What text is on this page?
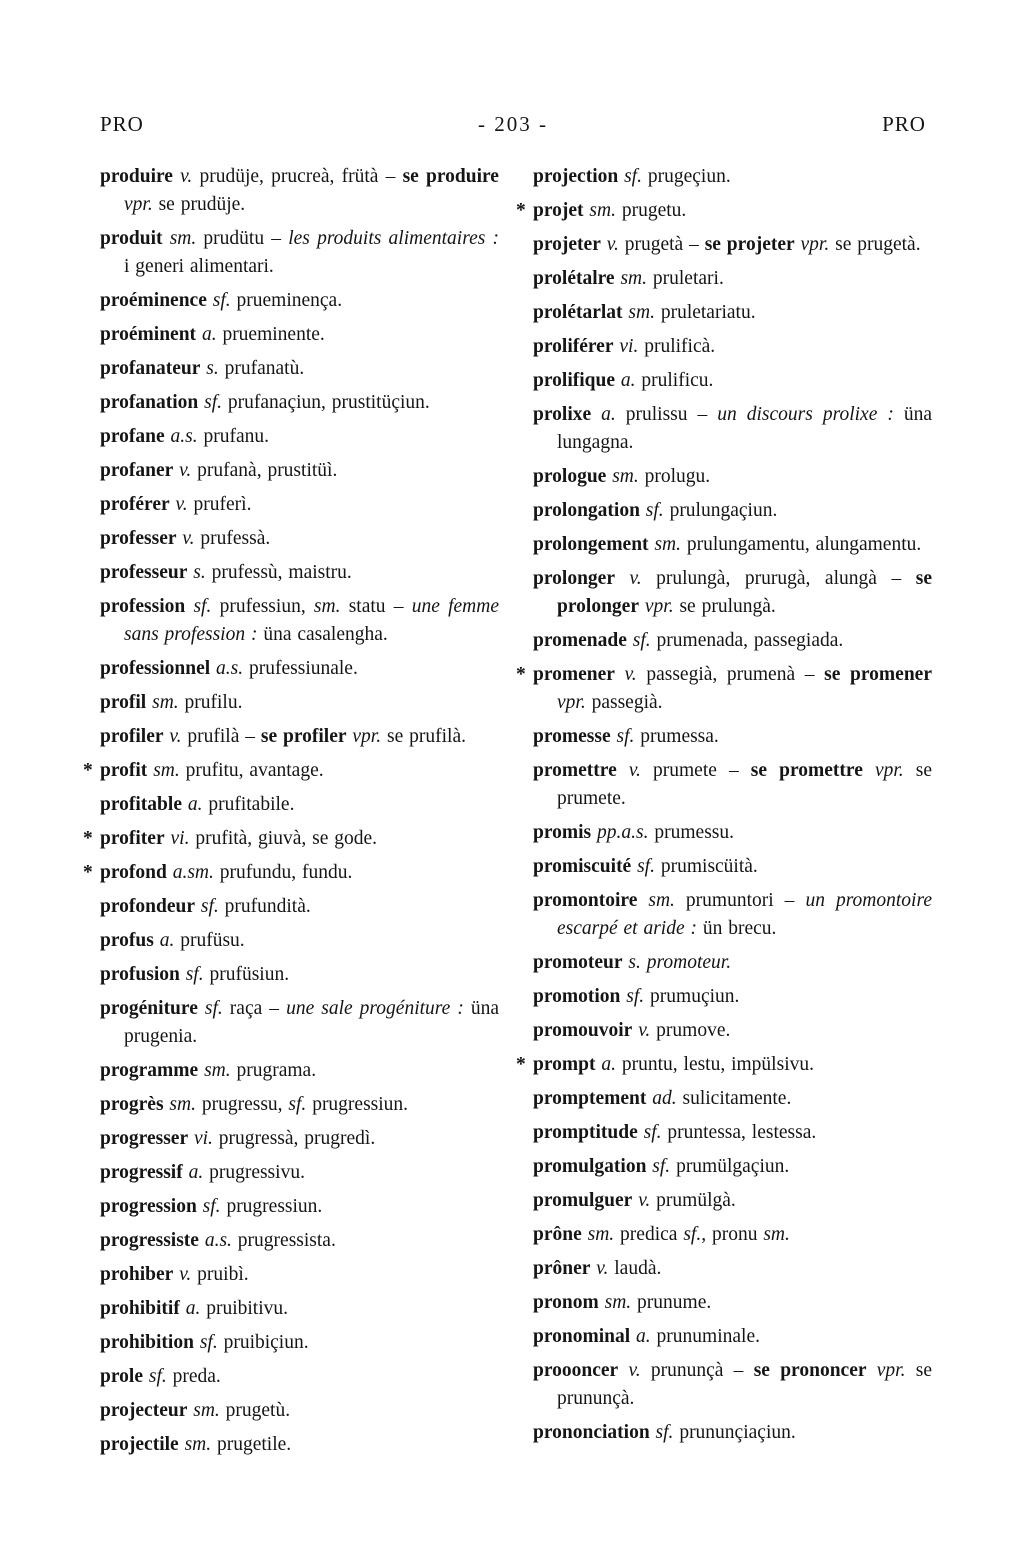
PRO	- 203 -	PRO
produire v. prudüje, prucreà, frütà – se produire vpr. se prudüje.
produit sm. prudütu – les produits alimentaires : i generi alimentari.
proéminence sf. prueminença.
proéminent a. prueminente.
profanateur s. prufanatù.
profanation sf. prufanaçiun, prustitüçiun.
profane a.s. prufanu.
profaner v. prufanà, prustitüì.
proférer v. pruferì.
professer v. prufessà.
professeur s. prufessù, maistru.
profession sf. prufessiun, sm. statu – une femme sans profession : üna casalengha.
professionnel a.s. prufessiunale.
profil sm. prufilu.
profiler v. prufilà – se profiler vpr. se prufilà.
* profit sm. prufitu, avantage.
profitable a. prufitabile.
* profiter vi. prufità, giuvà, se gode.
* profond a.sm. prufundu, fundu.
profondeur sf. prufundità.
profus a. prufüsu.
profusion sf. prufüsiun.
progéniture sf. raça – une sale progéniture : üna prugenia.
programme sm. prugrama.
progrès sm. prugressu, sf. prugressiun.
progresser vi. prugressà, prugredì.
progressif a. prugressivu.
progression sf. prugressiun.
progressiste a.s. prugressista.
prohiber v. pruibì.
prohibitif a. pruibitivu.
prohibition sf. pruibiçiun.
prole sf. preda.
projecteur sm. prugetù.
projectile sm. prugetile.
projection sf. prugeçiun.
* projet sm. prugetu.
projeter v. prugetà – se projeter vpr. se prugetà.
prolétalre sm. pruletari.
prolétarlat sm. pruletariatu.
proliférer vi. prulificà.
prolifique a. prulificu.
prolixe a. prulissu – un discours prolixe : üna lungagna.
prologue sm. prolugu.
prolongation sf. prulungaçiun.
prolongement sm. prulungamentu, alungamentu.
prolonger v. prulungà, prurugà, alungà – se prolonger vpr. se prulungà.
promenade sf. prumenada, passegiada.
* promener v. passegià, prumenà – se promener vpr. passegià.
promesse sf. prumessa.
promettre v. prumete – se promettre vpr. se prumete.
promis pp.a.s. prumessu.
promiscuité sf. prumiscüità.
promontoire sm. prumuntori – un promontoire escarpé et aride : ün brecu.
promoteur s. promoteur.
promotion sf. prumuçiun.
promouvoir v. prumove.
* prompt a. pruntu, lestu, impülsivu.
promptement ad. sulicitamente.
promptitude sf. pruntessa, lestessa.
promulgation sf. prumülgaçiun.
promulguer v. prumülgà.
prône sm. predica sf., pronu sm.
prôner v. laudà.
pronom sm. prunume.
pronominal a. prunuminale.
proooncer v. prununçà – se prononcer vpr. se prununçà.
prononciation sf. prununçiaçiun.
